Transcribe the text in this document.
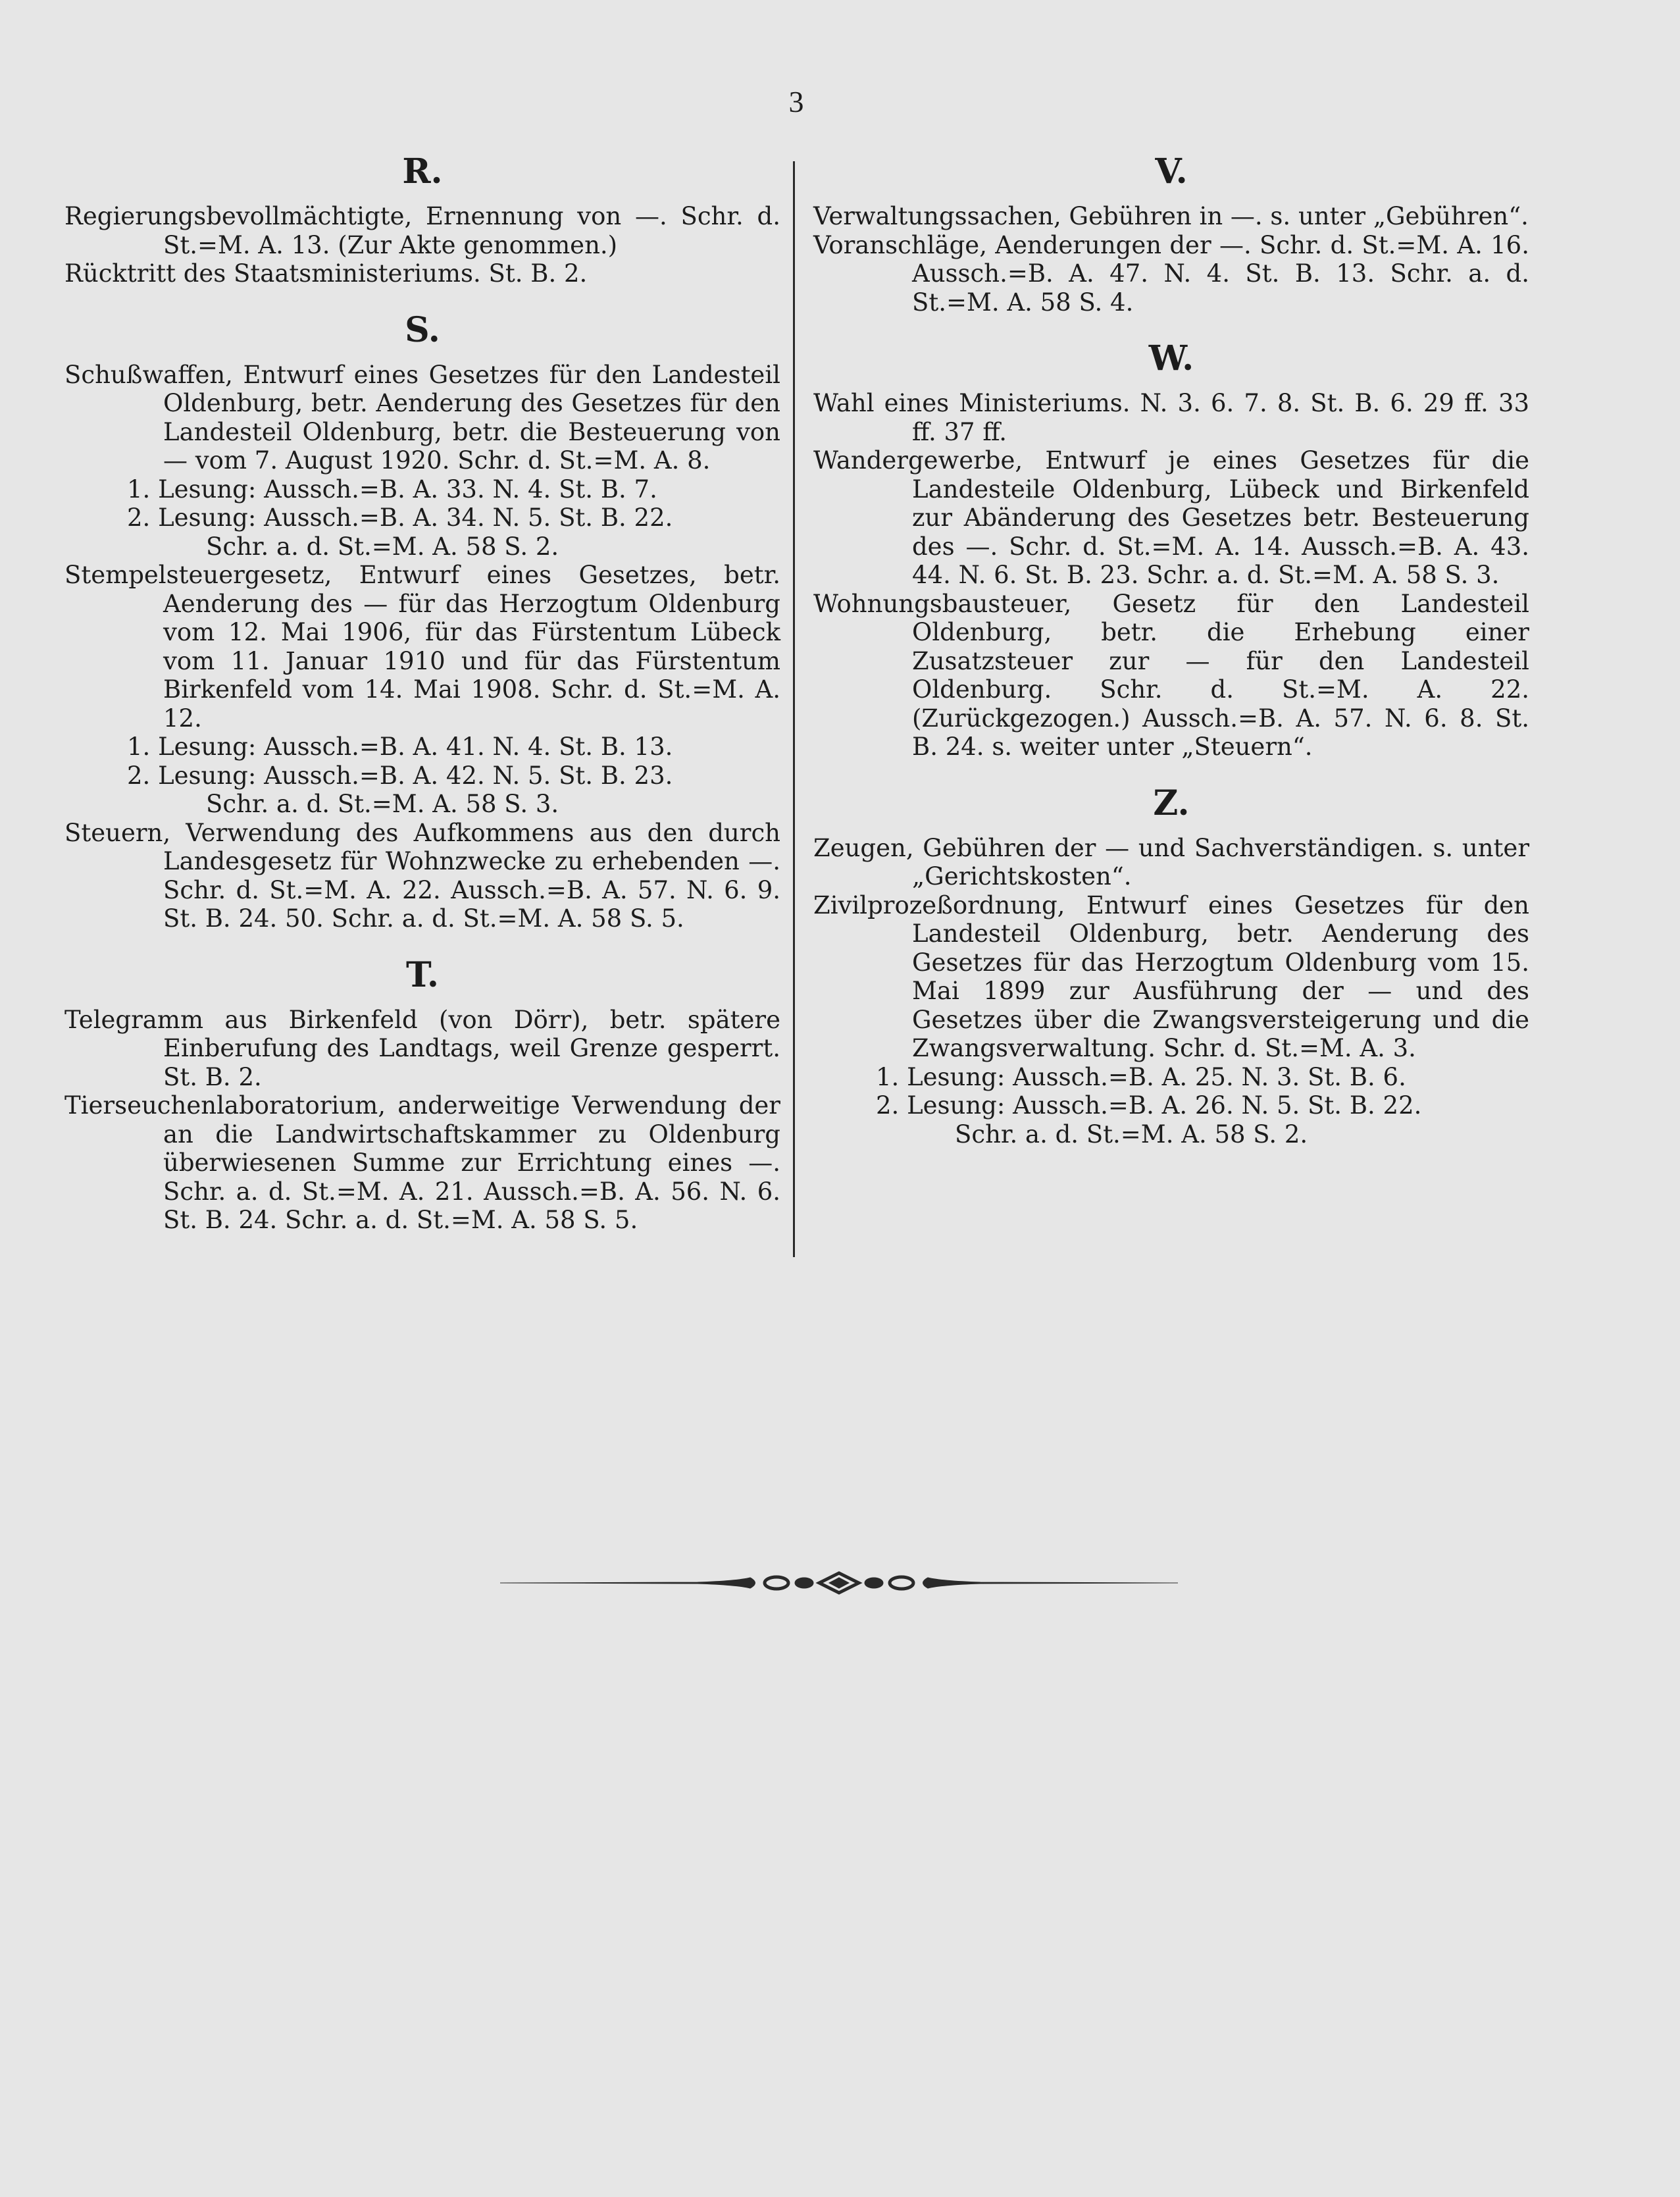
3
R.

Regierungsbevollmächtigte, Ernennung von —. Schr. d. St.=M. A. 13. (Zur Akte genommen.)

Rücktritt des Staatsministeriums. St. B. 2.

S.

Schußwaffen, Entwurf eines Gesetzes für den Landesteil Oldenburg, betr. Aenderung des Gesetzes für den Landesteil Oldenburg, betr. die Besteuerung von — vom 7. August 1920. Schr. d. St.=M. A. 8.

1. Lesung: Aussch.=B. A. 33. N. 4. St. B. 7.

2. Lesung: Aussch.=B. A. 34. N. 5. St. B. 22.

Schr. a. d. St.=M. A. 58 S. 2.

Stempelsteuergesetz, Entwurf eines Gesetzes, betr. Aenderung des — für das Herzogtum Oldenburg vom 12. Mai 1906, für das Fürstentum Lübeck vom 11. Januar 1910 und für das Fürstentum Birkenfeld vom 14. Mai 1908. Schr. d. St.=M. A. 12.

1. Lesung: Aussch.=B. A. 41. N. 4. St. B. 13.

2. Lesung: Aussch.=B. A. 42. N. 5. St. B. 23.

Schr. a. d. St.=M. A. 58 S. 3.

Steuern, Verwendung des Aufkommens aus den durch Landesgesetz für Wohnzwecke zu erhebenden —. Schr. d. St.=M. A. 22. Aussch.=B. A. 57. N. 6. 9. St. B. 24. 50. Schr. a. d. St.=M. A. 58 S. 5.

T.

Telegramm aus Birkenfeld (von Dörr), betr. spätere Einberufung des Landtags, weil Grenze gesperrt. St. B. 2.

Tierseuchenlaboratorium, anderweitige Verwendung der an die Landwirtschaftskammer zu Oldenburg überwiesenen Summe zur Errichtung eines —. Schr. a. d. St.=M. A. 21. Aussch.=B. A. 56. N. 6. St. B. 24. Schr. a. d. St.=M. A. 58 S. 5.

V.

Verwaltungssachen, Gebühren in —. s. unter „Gebühren“.

Voranschläge, Aenderungen der —. Schr. d. St.=M. A. 16. Aussch.=B. A. 47. N. 4. St. B. 13. Schr. a. d. St.=M. A. 58 S. 4.

W.

Wahl eines Ministeriums. N. 3. 6. 7. 8. St. B. 6. 29 ff. 33 ff. 37 ff.

Wandergewerbe, Entwurf je eines Gesetzes für die Landesteile Oldenburg, Lübeck und Birkenfeld zur Abänderung des Gesetzes betr. Besteuerung des —. Schr. d. St.=M. A. 14. Aussch.=B. A. 43. 44. N. 6. St. B. 23. Schr. a. d. St.=M. A. 58 S. 3.

Wohnungsbausteuer, Gesetz für den Landesteil Oldenburg, betr. die Erhebung einer Zusatzsteuer zur — für den Landesteil Oldenburg. Schr. d. St.=M. A. 22. (Zurückgezogen.) Aussch.=B. A. 57. N. 6. 8. St. B. 24. s. weiter unter „Steuern“.

Z.

Zeugen, Gebühren der — und Sachverständigen. s. unter „Gerichtskosten“.

Zivilprozeßordnung, Entwurf eines Gesetzes für den Landesteil Oldenburg, betr. Aenderung des Gesetzes für das Herzogtum Oldenburg vom 15. Mai 1899 zur Ausführung der — und des Gesetzes über die Zwangsversteigerung und die Zwangsverwaltung. Schr. d. St.=M. A. 3.

1. Lesung: Aussch.=B. A. 25. N. 3. St. B. 6.

2. Lesung: Aussch.=B. A. 26. N. 5. St. B. 22.

Schr. a. d. St.=M. A. 58 S. 2.
